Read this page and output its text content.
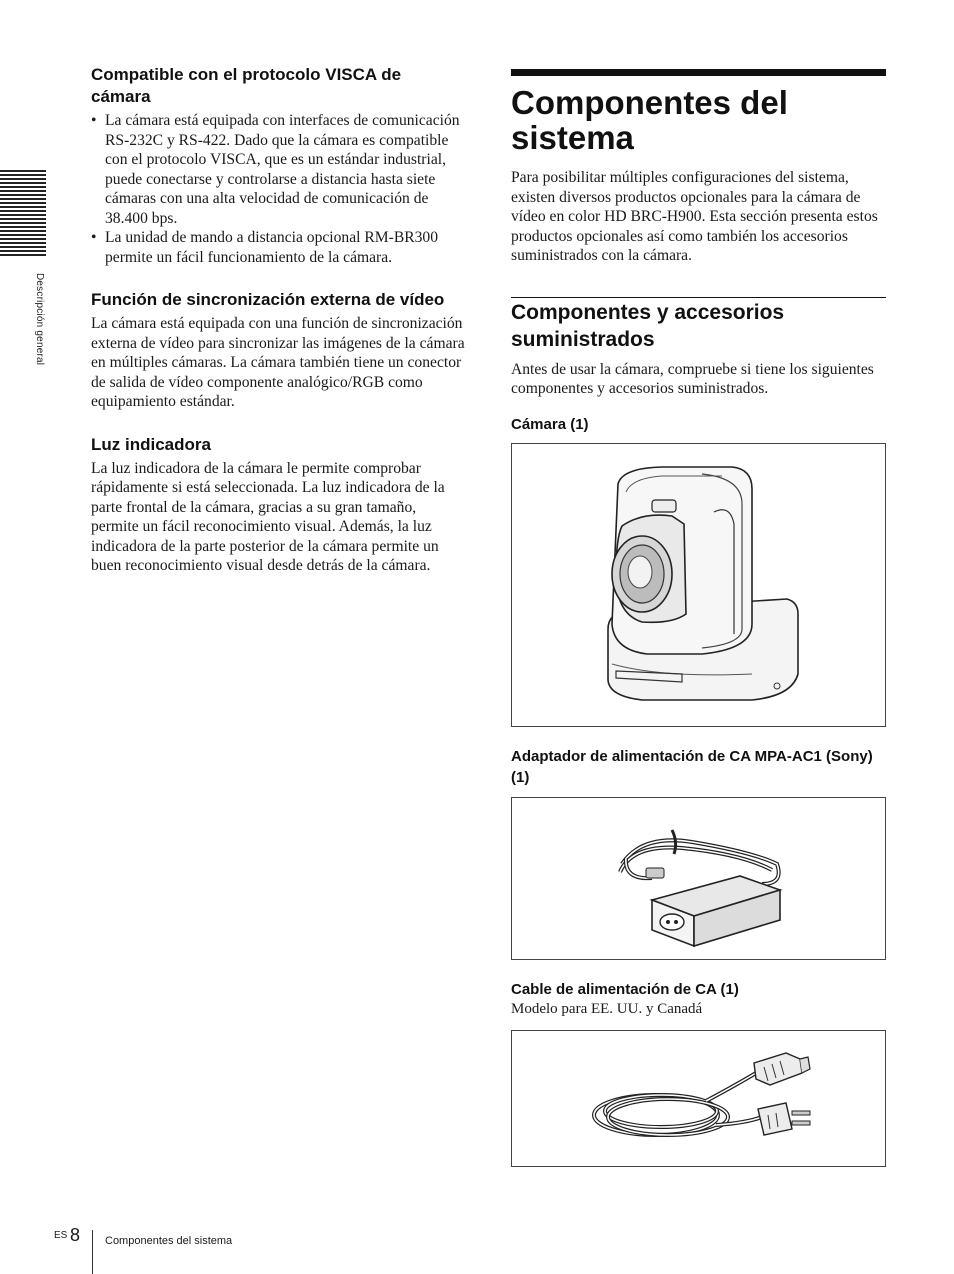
Descripción general
Compatible con el protocolo VISCA de cámara
• La cámara está equipada con interfaces de comunicación RS-232C y RS-422. Dado que la cámara es compatible con el protocolo VISCA, que es un estándar industrial, puede conectarse y controlarse a distancia hasta siete cámaras con una alta velocidad de comunicación de 38.400 bps.
• La unidad de mando a distancia opcional RM-BR300 permite un fácil funcionamiento de la cámara.
Función de sincronización externa de vídeo

La cámara está equipada con una función de sincronización externa de vídeo para sincronizar las imágenes de la cámara en múltiples cámaras. La cámara también tiene un conector de salida de vídeo componente analógico/RGB como equipamiento estándar.

Luz indicadora

La luz indicadora de la cámara le permite comprobar rápidamente si está seleccionada. La luz indicadora de la parte frontal de la cámara, gracias a su gran tamaño, permite un fácil reconocimiento visual. Además, la luz indicadora de la parte posterior de la cámara permite un buen reconocimiento visual desde detrás de la cámara.

Componentes del sistema

Para posibilitar múltiples configuraciones del sistema, existen diversos productos opcionales para la cámara de vídeo en color HD BRC-H900. Esta sección presenta estos productos opcionales así como también los accesorios suministrados con la cámara.

Componentes y accesorios suministrados

Antes de usar la cámara, compruebe si tiene los siguientes componentes y accesorios suministrados.

Cámara (1)
Adaptador de alimentación de CA MPA-AC1 (Sony) (1)
Cable de alimentación de CA (1)

Modelo para EE. UU. y Canadá

ES 8 Componentes del sistema
